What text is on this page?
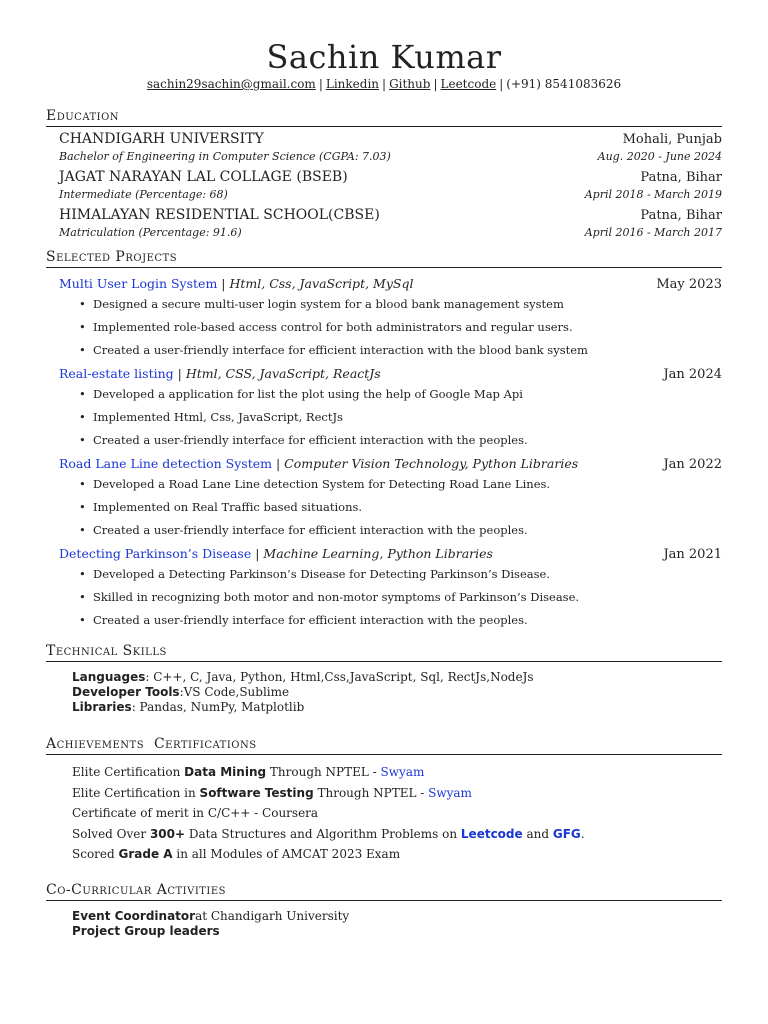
Sachin Kumar
sachin29sachin@gmail.com | Linkedin | Github | Leetcode | (+91) 8541083626
Education
CHANDIGARH UNIVERSITY	Mohali, Punjab
Bachelor of Engineering in Computer Science (CGPA: 7.03)	Aug. 2020 - June 2024
JAGAT NARAYAN LAL COLLAGE (BSEB)	Patna, Bihar
Intermediate (Percentage: 68)	April 2018 - March 2019
HIMALAYAN RESIDENTIAL SCHOOL(CBSE)	Patna, Bihar
Matriculation (Percentage: 91.6)	April 2016 - March 2017
Selected Projects
Multi User Login System | Html, Css, JavaScript, MySql	May 2023
• Designed a secure multi-user login system for a blood bank management system
• Implemented role-based access control for both administrators and regular users.
• Created a user-friendly interface for efficient interaction with the blood bank system
Real-estate listing | Html, CSS, JavaScript, ReactJs	Jan 2024
• Developed a application for list the plot using the help of Google Map Api
• Implemented Html, Css, JavaScript, RectJs
• Created a user-friendly interface for efficient interaction with the peoples.
Road Lane Line detection System | Computer Vision Technology, Python Libraries	Jan 2022
• Developed a Road Lane Line detection System for Detecting Road Lane Lines.
• Implemented on Real Traffic based situations.
• Created a user-friendly interface for efficient interaction with the peoples.
Detecting Parkinson’s Disease | Machine Learning, Python Libraries	Jan 2021
• Developed a Detecting Parkinson’s Disease for Detecting Parkinson’s Disease.
• Skilled in recognizing both motor and non-motor symptoms of Parkinson’s Disease.
• Created a user-friendly interface for efficient interaction with the peoples.
Technical Skills
Languages: C++, C, Java, Python, Html,Css,JavaScript, Sql, RectJs,NodeJs
Developer Tools:VS Code,Sublime
Libraries: Pandas, NumPy, Matplotlib
Achievements  Certifications
Elite Certification Data Mining Through NPTEL - Swyam
Elite Certification in Software Testing Through NPTEL - Swyam
Certificate of merit in C/C++ - Coursera
Solved Over 300+ Data Structures and Algorithm Problems on Leetcode and GFG.
Scored Grade A in all Modules of AMCAT 2023 Exam
Co-Curricular Activities
Event Coordinatorat Chandigarh University
Project Group leaders
